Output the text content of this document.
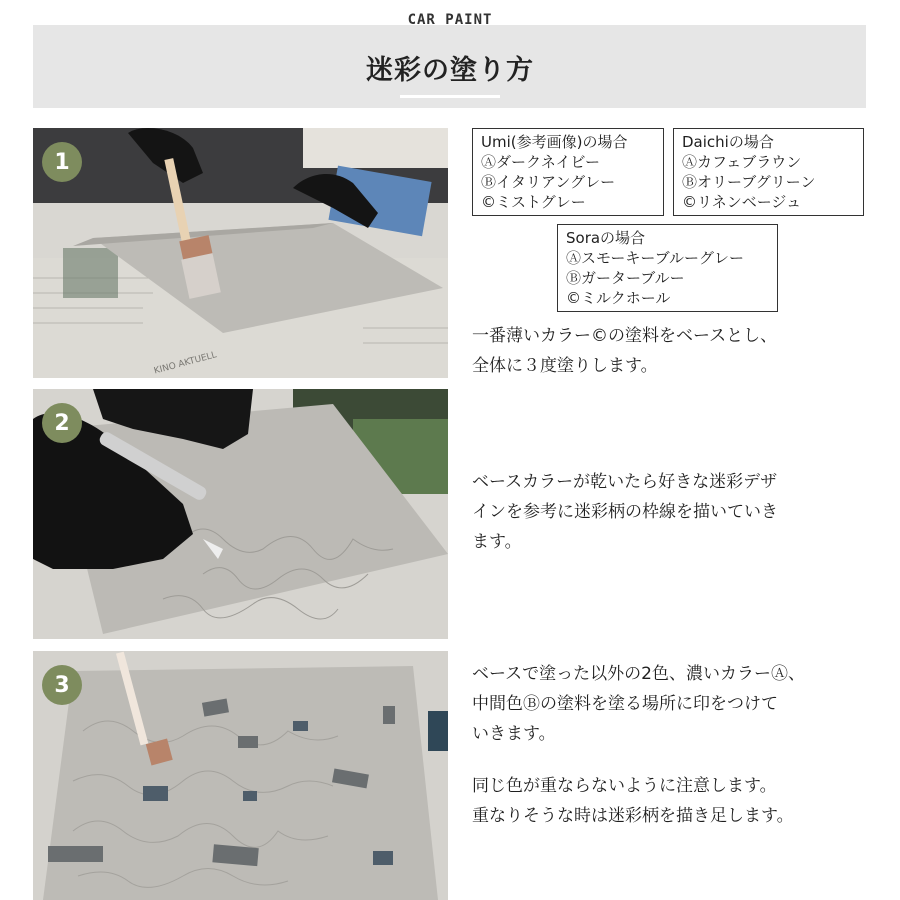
CAR PAINT
迷彩の塗り方
KINO AKTUELL
1
2
3
Umi(参考画像)の場合
Ⓐダークネイビー
Ⓑイタリアングレー
©ミストグレー
Daichiの場合
Ⓐカフェブラウン
Ⓑオリーブグリーン
©リネンベージュ
Soraの場合
Ⓐスモーキーブルーグレー
Ⓑガーターブルー
©ミルクホール
一番薄いカラー©の塗料をベースとし、
全体に３度塗りします。
ベースカラーが乾いたら好きな迷彩デザ
インを参考に迷彩柄の枠線を描いていき
ます。
ベースで塗った以外の2色、濃いカラーⒶ、
中間色Ⓑの塗料を塗る場所に印をつけて
いきます。
同じ色が重ならないように注意します。
重なりそうな時は迷彩柄を描き足します。
